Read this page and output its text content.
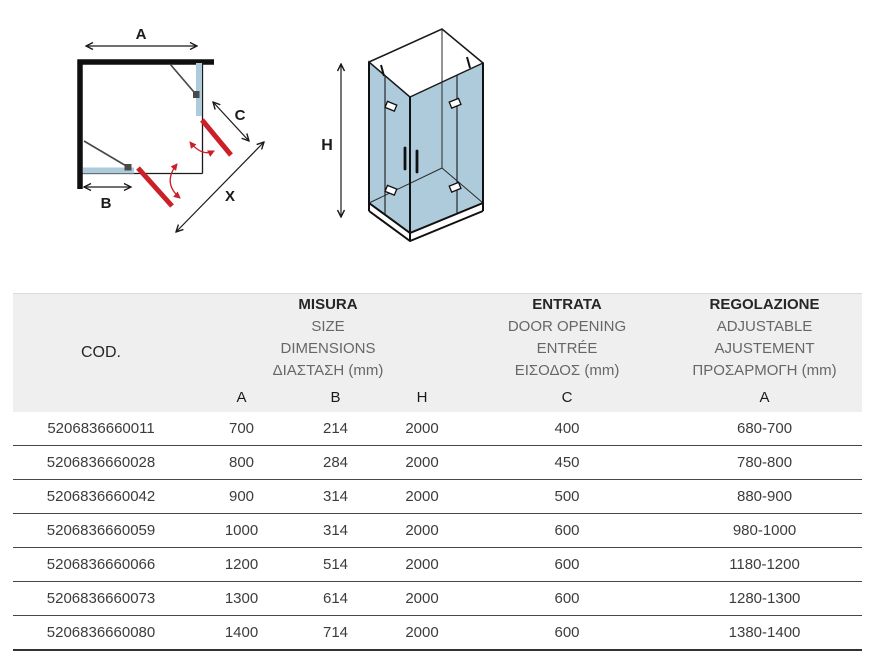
A
C
X
B
H
COD.	
MISURA
SIZE
DIMENSIONS
ΔΙΑΣΤΑΣΗ (mm)

ENTRATA
DOOR OPENING
ENTRÉE
ΕΙΣΟΔΟΣ (mm)

REGOLAZIONE
ADJUSTABLE
AJUSTEMENT
ΠΡΟΣΑΡΜΟΓΗ (mm)

	A	B	H	C	A
5206836660011	700	214	2000	400	680-700
5206836660028	800	284	2000	450	780-800
5206836660042	900	314	2000	500	880-900
5206836660059	1000	314	2000	600	980-1000
5206836660066	1200	514	2000	600	1180-1200
5206836660073	1300	614	2000	600	1280-1300
5206836660080	1400	714	2000	600	1380-1400
